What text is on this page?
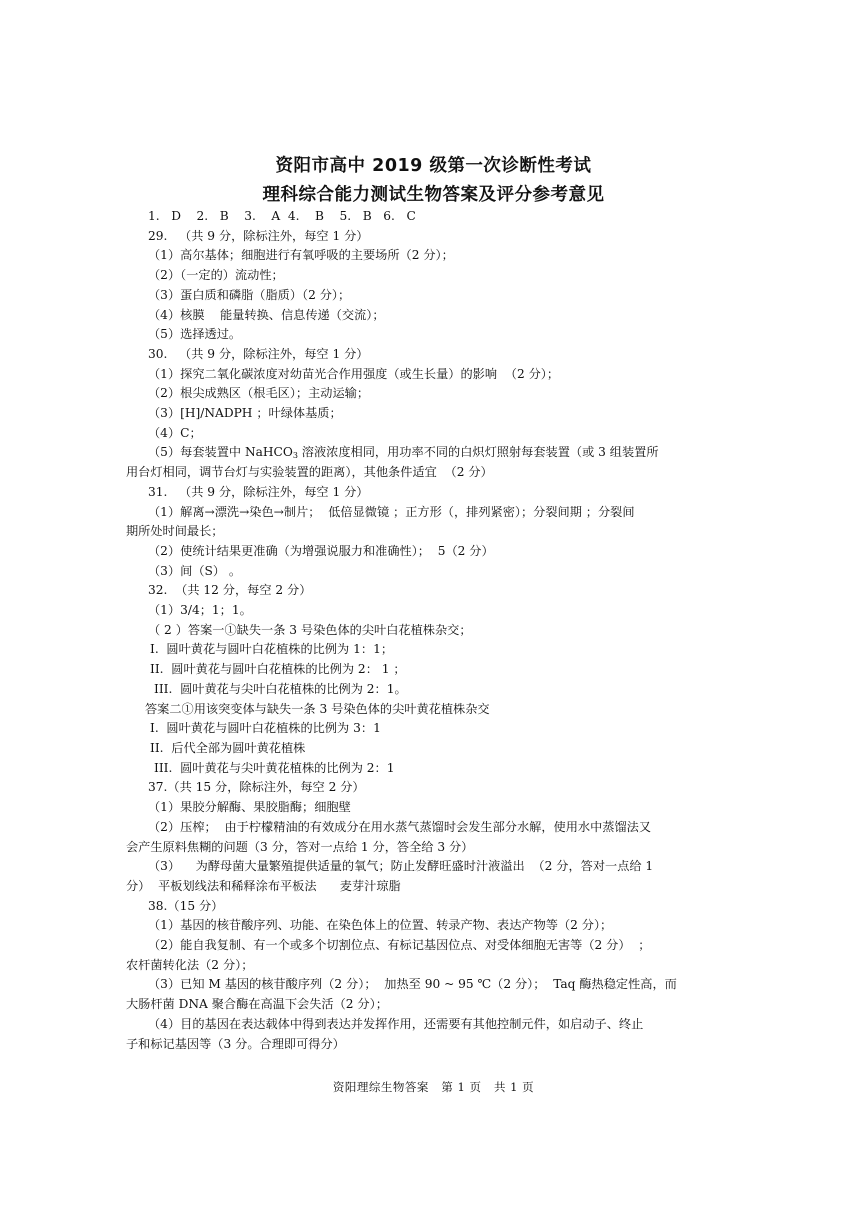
资阳市高中 2019 级第一次诊断性考试
理科综合能力测试生物答案及评分参考意见
1.   D    2.   B    3.    A  4.    B    5.   B   6.   C
29.   （共 9 分，除标注外，每空 1 分）
（1）高尔基体；细胞进行有氧呼吸的主要场所（2 分）；
（2）（一定的）流动性；
（3）蛋白质和磷脂（脂质）（2 分）；
（4）核膜    能量转换、信息传递（交流）；
（5）选择透过。
30.   （共 9 分，除标注外，每空 1 分）
（1）探究二氧化碳浓度对幼苗光合作用强度（或生长量）的影响  （2 分）；
（2）根尖成熟区（根毛区）；主动运输；
（3）[H]/NADPH ；叶绿体基质；
（4）C；
（5）每套装置中 NaHCO$_3$ 溶液浓度相同，用功率不同的白炽灯照射每套装置（或 3 组装置所
用台灯相同，调节台灯与实验装置的距离），其他条件适宜  （2 分）
31.   （共 9 分，除标注外，每空 1 分）
（1）解离→漂洗→染色→制片；  低倍显微镜 ；正方形（，排列紧密）；分裂间期 ；分裂间
期所处时间最长；
（2）使统计结果更准确（为增强说服力和准确性）；  5（2 分）
（3）间（S） 。
32.  （共 12 分，每空 2 分）
（1）3/4；1；1。
（ 2 ）答案一①缺失一条 3 号染色体的尖叶白花植株杂交；
I.  圆叶黄花与圆叶白花植株的比例为 1：1；
II.  圆叶黄花与圆叶白花植株的比例为 2： 1 ；
III.  圆叶黄花与尖叶白花植株的比例为 2：1。
答案二①用该突变体与缺失一条 3 号染色体的尖叶黄花植株杂交
I.  圆叶黄花与圆叶白花植株的比例为 3：1
II.  后代全部为圆叶黄花植株
III.  圆叶黄花与尖叶黄花植株的比例为 2：1
37.（共 15 分，除标注外，每空 2 分）
（1）果胶分解酶、果胶脂酶；细胞壁
（2）压榨；  由于柠檬精油的有效成分在用水蒸气蒸馏时会发生部分水解，使用水中蒸馏法又
会产生原料焦糊的问题（3 分，答对一点给 1 分，答全给 3 分）
（3）    为酵母菌大量繁殖提供适量的氧气；防止发酵旺盛时汁液溢出  （2 分，答对一点给 1
分）  平板划线法和稀释涂布平板法      麦芽汁琼脂
38.（15 分）
（1）基因的核苷酸序列、功能、在染色体上的位置、转录产物、表达产物等（2 分）；
（2）能自我复制、有一个或多个切割位点、有标记基因位点、对受体细胞无害等（2 分）  ；
农杆菌转化法（2 分）；
（3）已知 M 基因的核苷酸序列（2 分）；  加热至 90 ~ 95 ℃（2 分）；  Taq 酶热稳定性高，而
大肠杆菌 DNA 聚合酶在高温下会失活（2 分）；
（4）目的基因在表达载体中得到表达并发挥作用，还需要有其他控制元件，如启动子、终止
子和标记基因等（3 分。合理即可得分）
资阳理综生物答案   第 1 页   共 1 页
